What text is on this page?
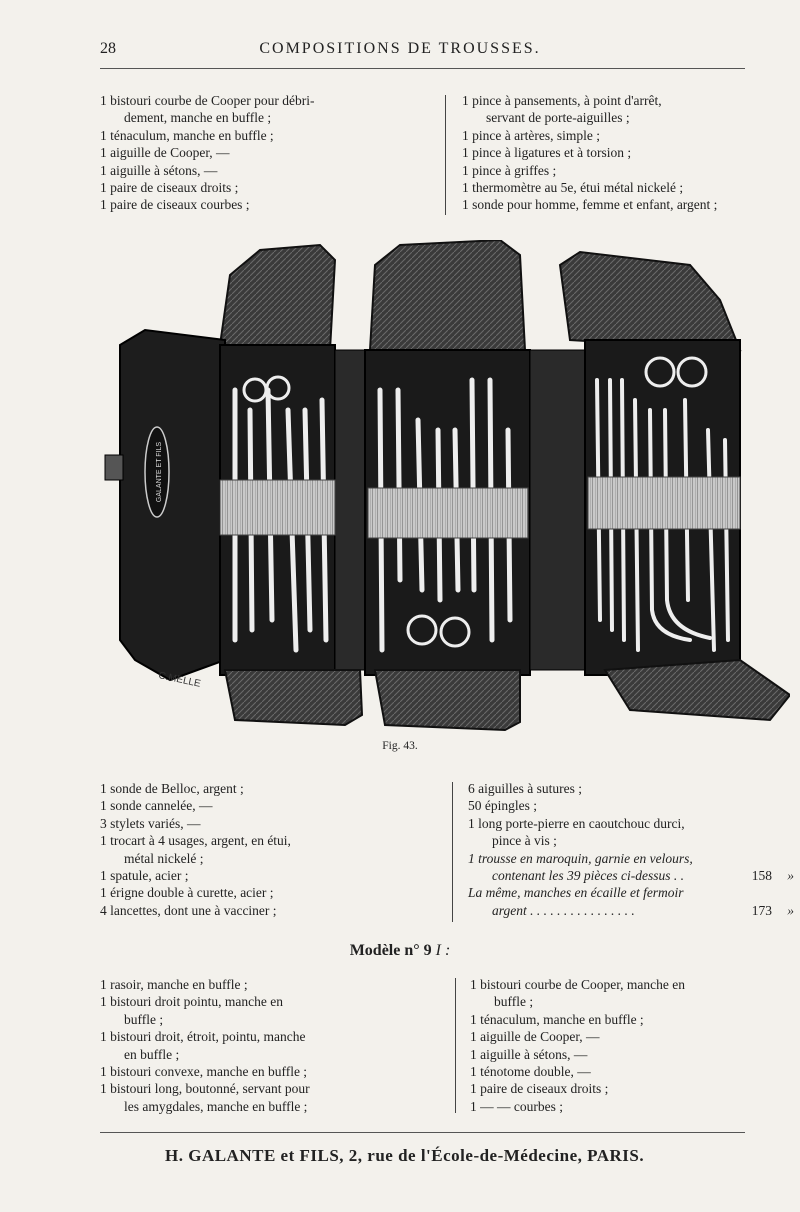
28	COMPOSITIONS DE TROUSSES.
1 bistouri courbe de Cooper pour débri-
dement, manche en buffle ;
1 ténaculum, manche en buffle ;
1 aiguille de Cooper, —
1 aiguille à sétons, —
1 paire de ciseaux droits ;
1 paire de ciseaux courbes ;
1 pince à pansements, à point d'arrêt,
servant de porte-aiguilles ;
1 pince à artères, simple ;
1 pince à ligatures et à torsion ;
1 pince à griffes ;
1 thermomètre au 5e, étui métal nickelé ;
1 sonde pour homme, femme et enfant, argent ;
GALANTE ET FILS
C.MELLE
Fig. 43.
1 sonde de Belloc, argent ;
1 sonde cannelée, —
3 stylets variés, —
1 trocart à 4 usages, argent, en étui,
métal nickelé ;
1 spatule, acier ;
1 érigne double à curette, acier ;
4 lancettes, dont une à vacciner ;
6 aiguilles à sutures ;
50 épingles ;
1 long porte-pierre en caoutchouc durci,
pince à vis ;
1 trousse en maroquin, garnie en velours,
contenant les 39 pièces ci-dessus . .	158 »
La même, manches en écaille et fermoir
argent . . . . . . . . . . . . . . . .	173 »
Modèle n° 9 I :
1 rasoir, manche en buffle ;
1 bistouri droit pointu, manche en
buffle ;
1 bistouri droit, étroit, pointu, manche
en buffle ;
1 bistouri convexe, manche en buffle ;
1 bistouri long, boutonné, servant pour
les amygdales, manche en buffle ;
1 bistouri courbe de Cooper, manche en
buffle ;
1 ténaculum, manche en buffle ;
1 aiguille de Cooper, —
1 aiguille à sétons, —
1 ténotome double, —
1 paire de ciseaux droits ;
1 — — courbes ;
H. GALANTE et FILS, 2, rue de l'École-de-Médecine, PARIS.
